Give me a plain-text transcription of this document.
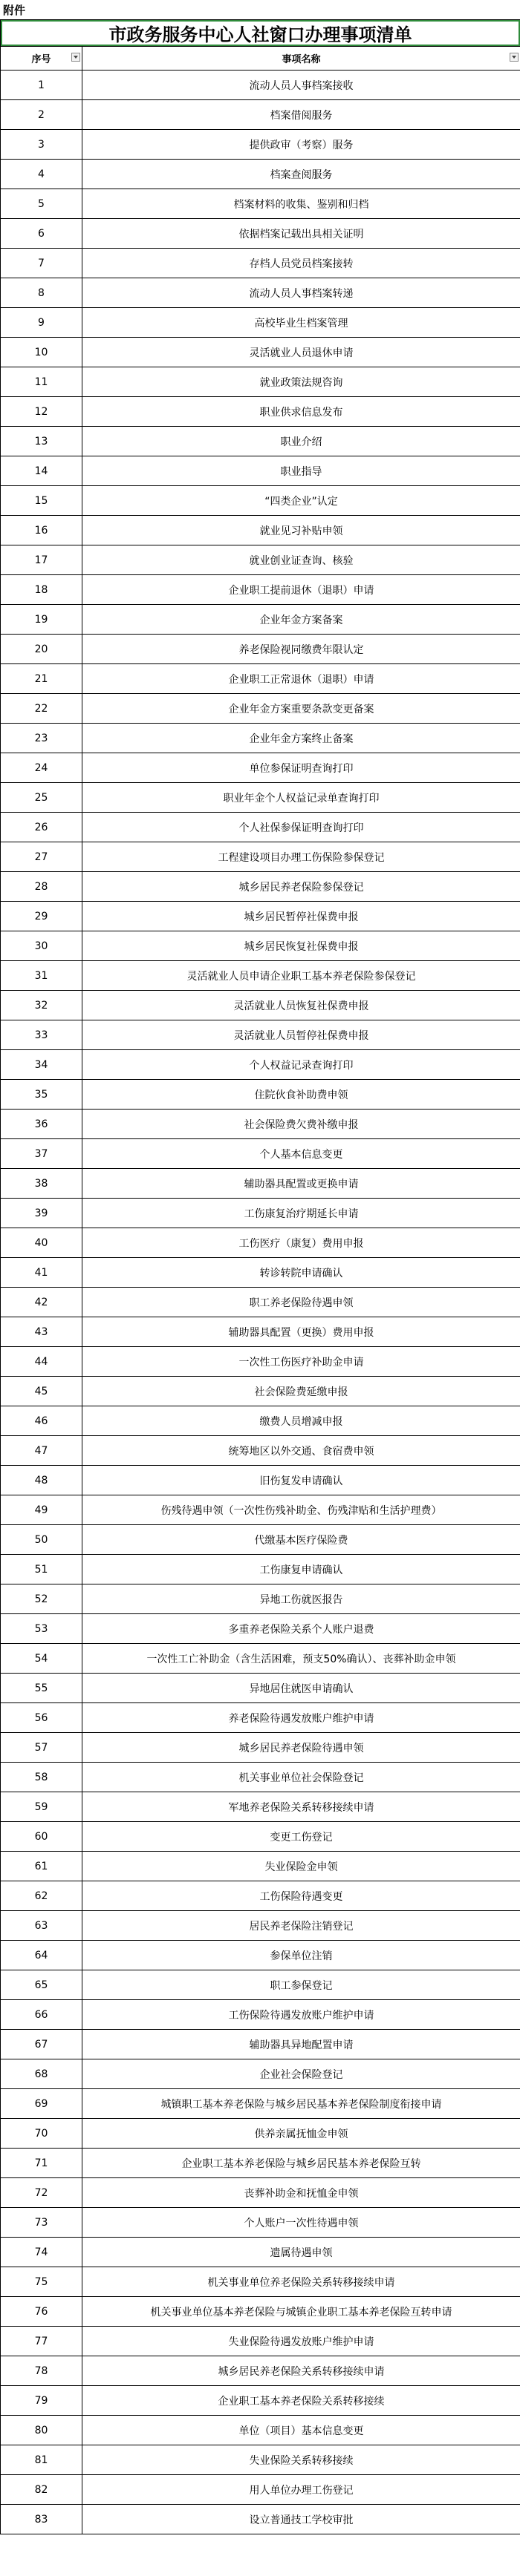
附件
市政务服务中心人社窗口办理事项清单	
序号	事项名称

1	流动人员人事档案接收
2	档案借阅服务
3	提供政审（考察）服务
4	档案查阅服务
5	档案材料的收集、鉴别和归档
6	依据档案记载出具相关证明
7	存档人员党员档案接转
8	流动人员人事档案转递
9	高校毕业生档案管理
10	灵活就业人员退休申请
11	就业政策法规咨询
12	职业供求信息发布
13	职业介绍
14	职业指导
15	“四类企业”认定
16	就业见习补贴申领
17	就业创业证查询、核验
18	企业职工提前退休（退职）申请
19	企业年金方案备案
20	养老保险视同缴费年限认定
21	企业职工正常退休（退职）申请
22	企业年金方案重要条款变更备案
23	企业年金方案终止备案
24	单位参保证明查询打印
25	职业年金个人权益记录单查询打印
26	个人社保参保证明查询打印
27	工程建设项目办理工伤保险参保登记
28	城乡居民养老保险参保登记
29	城乡居民暂停社保费申报
30	城乡居民恢复社保费申报
31	灵活就业人员申请企业职工基本养老保险参保登记
32	灵活就业人员恢复社保费申报
33	灵活就业人员暂停社保费申报
34	个人权益记录查询打印
35	住院伙食补助费申领
36	社会保险费欠费补缴申报
37	个人基本信息变更
38	辅助器具配置或更换申请
39	工伤康复治疗期延长申请
40	工伤医疗（康复）费用申报
41	转诊转院申请确认
42	职工养老保险待遇申领
43	辅助器具配置（更换）费用申报
44	一次性工伤医疗补助金申请
45	社会保险费延缴申报
46	缴费人员增减申报
47	统筹地区以外交通、食宿费申领
48	旧伤复发申请确认
49	伤残待遇申领（一次性伤残补助金、伤残津贴和生活护理费）
50	代缴基本医疗保险费
51	工伤康复申请确认
52	异地工伤就医报告
53	多重养老保险关系个人账户退费
54	一次性工亡补助金（含生活困难，预支50%确认）、丧葬补助金申领
55	异地居住就医申请确认
56	养老保险待遇发放账户维护申请
57	城乡居民养老保险待遇申领
58	机关事业单位社会保险登记
59	军地养老保险关系转移接续申请
60	变更工伤登记
61	失业保险金申领
62	工伤保险待遇变更
63	居民养老保险注销登记
64	参保单位注销
65	职工参保登记
66	工伤保险待遇发放账户维护申请
67	辅助器具异地配置申请
68	企业社会保险登记
69	城镇职工基本养老保险与城乡居民基本养老保险制度衔接申请
70	供养亲属抚恤金申领
71	企业职工基本养老保险与城乡居民基本养老保险互转
72	丧葬补助金和抚恤金申领
73	个人账户一次性待遇申领
74	遗属待遇申领
75	机关事业单位养老保险关系转移接续申请
76	机关事业单位基本养老保险与城镇企业职工基本养老保险互转申请
77	失业保险待遇发放账户维护申请
78	城乡居民养老保险关系转移接续申请
79	企业职工基本养老保险关系转移接续
80	单位（项目）基本信息变更
81	失业保险关系转移接续
82	用人单位办理工伤登记
83	设立普通技工学校审批
